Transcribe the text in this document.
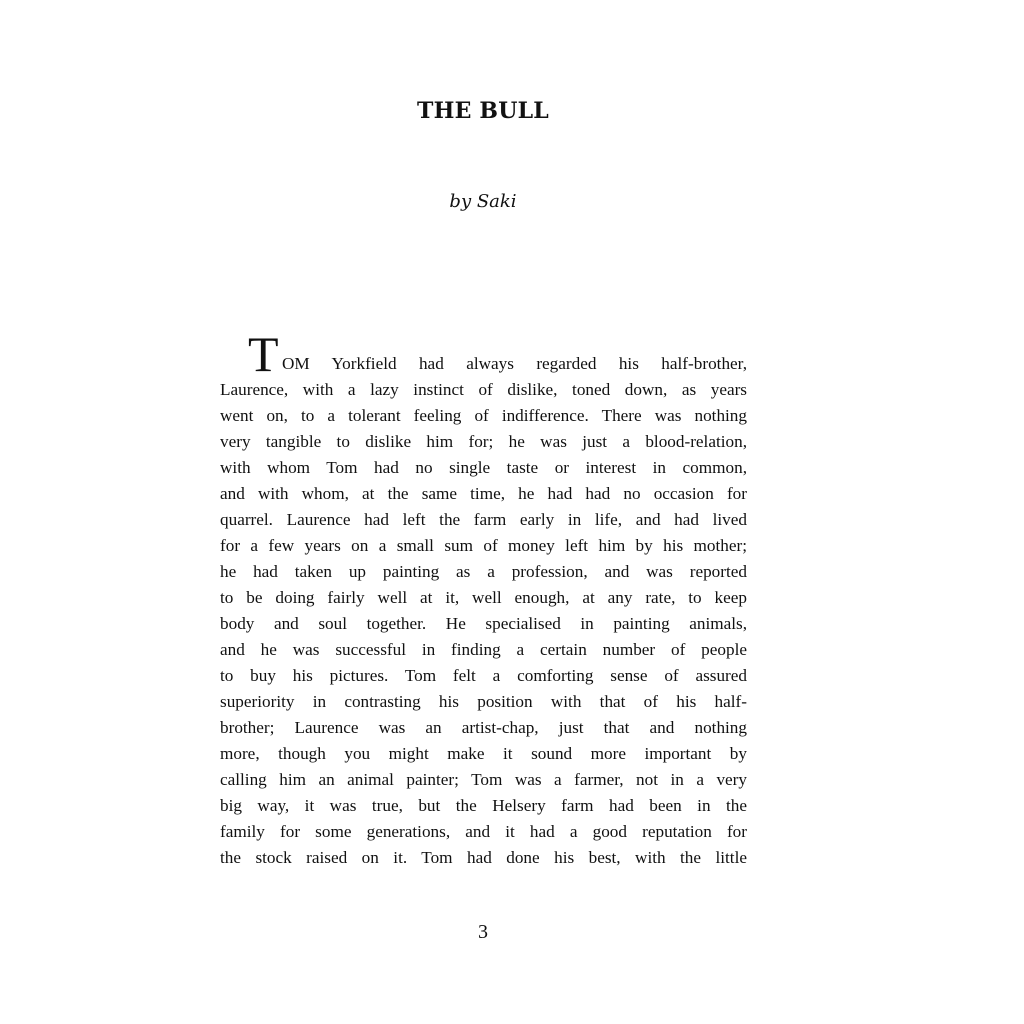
THE BULL
by Saki
T OM Yorkfield had always regarded his half-brother,
Laurence, with a lazy instinct of dislike, toned down, as years
went on, to a tolerant feeling of indifference. There was nothing
very tangible to dislike him for; he was just a blood-relation,
with whom Tom had no single taste or interest in common,
and with whom, at the same time, he had had no occasion for
quarrel. Laurence had left the farm early in life, and had lived
for a few years on a small sum of money left him by his mother;
he had taken up painting as a profession, and was reported
to be doing fairly well at it, well enough, at any rate, to keep
body and soul together. He specialised in painting animals,
and he was successful in finding a certain number of people
to buy his pictures. Tom felt a comforting sense of assured
superiority in contrasting his position with that of his half-
brother; Laurence was an artist-chap, just that and nothing
more, though you might make it sound more important by
calling him an animal painter; Tom was a farmer, not in a very
big way, it was true, but the Helsery farm had been in the
family for some generations, and it had a good reputation for
the stock raised on it. Tom had done his best, with the little
3
